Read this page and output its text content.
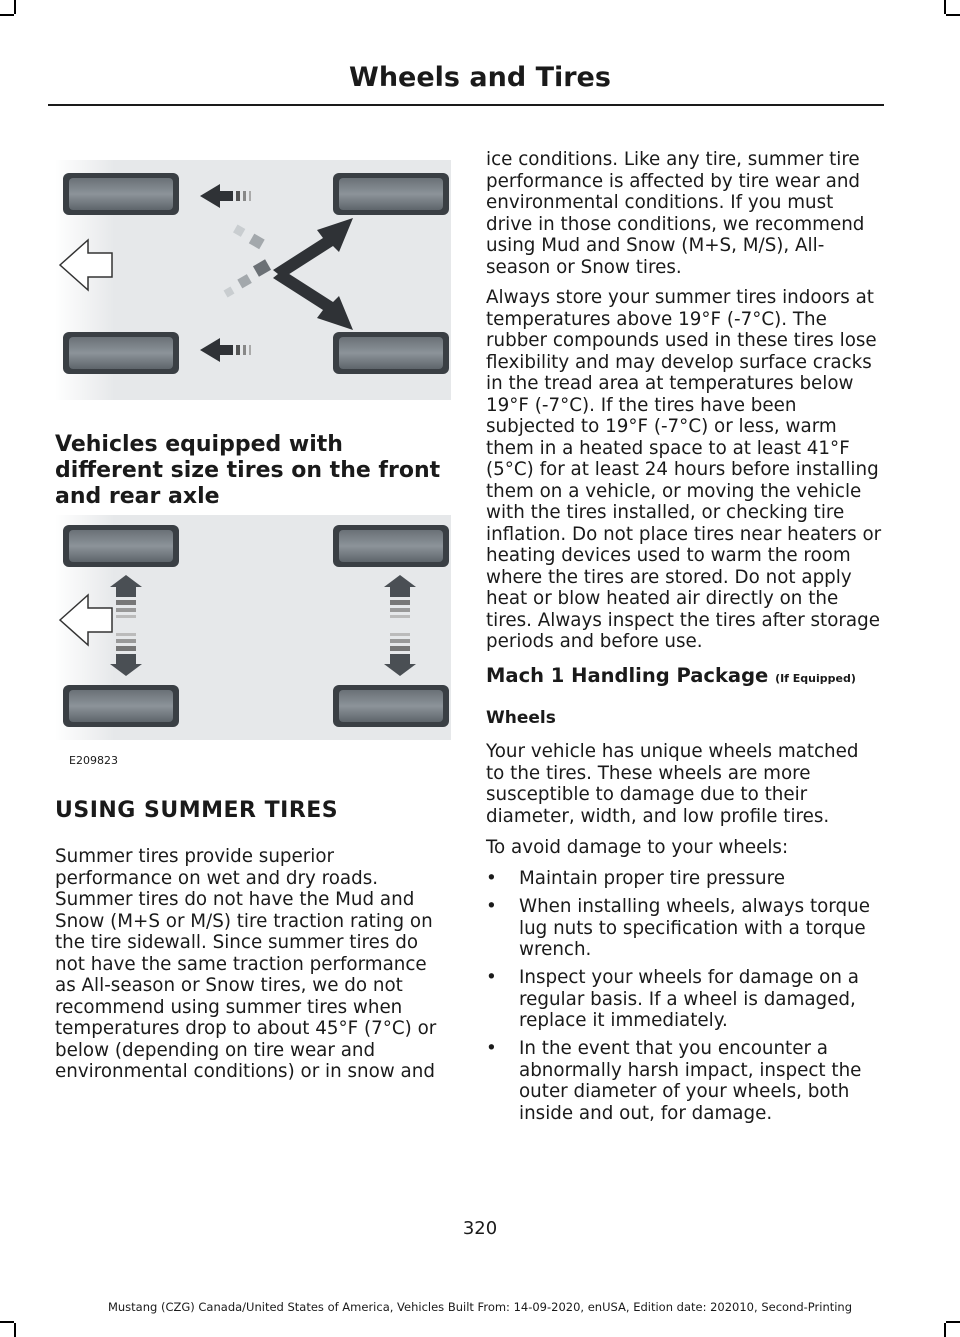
Wheels and Tires
Vehicles equipped with different size tires on the front and rear axle
E209823
USING SUMMER TIRES

Summer tires provide superior performance on wet and dry roads. Summer tires do not have the Mud and Snow (M+S or M/S) tire traction rating on the tire sidewall. Since summer tires do not have the same traction performance as All-season or Snow tires, we do not recommend using summer tires when temperatures drop to about 45°F (7°C) or below (depending on tire wear and environmental conditions) or in snow and

ice conditions. Like any tire, summer tire performance is affected by tire wear and environmental conditions. If you must drive in those conditions, we recommend using Mud and Snow (M+S, M/S), All-season or Snow tires.

Always store your summer tires indoors at temperatures above 19°F (-7°C). The rubber compounds used in these tires lose flexibility and may develop surface cracks in the tread area at temperatures below 19°F (-7°C). If the tires have been subjected to 19°F (-7°C) or less, warm them in a heated space to at least 41°F (5°C) for at least 24 hours before installing them on a vehicle, or moving the vehicle with the tires installed, or checking tire inflation. Do not place tires near heaters or heating devices used to warm the room where the tires are stored. Do not apply heat or blow heated air directly on the tires. Always inspect the tires after storage periods and before use.

Mach 1 Handling Package (If Equipped)
Wheels

Your vehicle has unique wheels matched to the tires. These wheels are more susceptible to damage due to their diameter, width, and low profile tires.

To avoid damage to your wheels:

• Maintain proper tire pressure
• When installing wheels, always torque lug nuts to specification with a torque wrench.
• Inspect your wheels for damage on a regular basis. If a wheel is damaged, replace it immediately.
• In the event that you encounter a abnormally harsh impact, inspect the outer diameter of your wheels, both inside and out, for damage.
320
Mustang (CZG) Canada/United States of America, Vehicles Built From: 14-09-2020, enUSA, Edition date: 202010, Second-Printing
